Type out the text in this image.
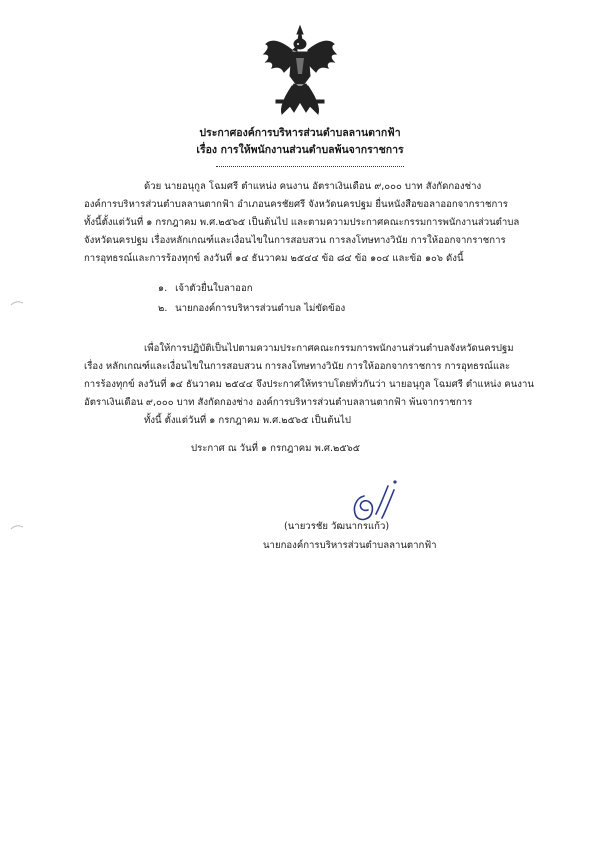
ประกาศองค์การบริหารส่วนตำบลลานตากฟ้า
เรื่อง การให้พนักงานส่วนตำบลพ้นจากราชการ
ด้วย นายอนุกูล โฉมศรี ตำแหน่ง คนงาน อัตราเงินเดือน ๙,๐๐๐ บาท สังกัดกองช่าง
องค์การบริหารส่วนตำบลลานตากฟ้า อำเภอนครชัยศรี จังหวัดนครปฐม ยื่นหนังสือขอลาออกจากราชการ
ทั้งนี้ตั้งแต่วันที่ ๑ กรกฎาคม พ.ศ.๒๕๖๕ เป็นต้นไป และตามความประกาศคณะกรรมการพนักงานส่วนตำบล
จังหวัดนครปฐม เรื่องหลักเกณฑ์และเงื่อนไขในการสอบสวน การลงโทษทางวินัย การให้ออกจากราชการ
การอุทธรณ์และการร้องทุกข์ ลงวันที่ ๑๔ ธันวาคม ๒๕๔๔ ข้อ ๘๔ ข้อ ๑๐๔ และข้อ ๑๐๖ ดังนี้
๑. เจ้าตัวยื่นใบลาออก
๒. นายกองค์การบริหารส่วนตำบล ไม่ขัดข้อง
เพื่อให้การปฏิบัติเป็นไปตามความประกาศคณะกรรมการพนักงานส่วนตำบลจังหวัดนครปฐม
เรื่อง หลักเกณฑ์และเงื่อนไขในการสอบสวน การลงโทษทางวินัย การให้ออกจากราชการ การอุทธรณ์และ
การร้องทุกข์ ลงวันที่ ๑๔ ธันวาคม ๒๕๔๔ จึงประกาศให้ทราบโดยทั่วกันว่า นายอนุกูล โฉมศรี ตำแหน่ง คนงาน
อัตราเงินเดือน ๙,๐๐๐ บาท สังกัดกองช่าง องค์การบริหารส่วนตำบลลานตากฟ้า พ้นจากราชการ
ทั้งนี้ ตั้งแต่วันที่ ๑ กรกฎาคม พ.ศ.๒๕๖๕ เป็นต้นไป
ประกาศ ณ วันที่ ๑ กรกฎาคม พ.ศ.๒๕๖๕
(นายวรชัย วัฒนากรแก้ว)
นายกองค์การบริหารส่วนตำบลลานตากฟ้า
